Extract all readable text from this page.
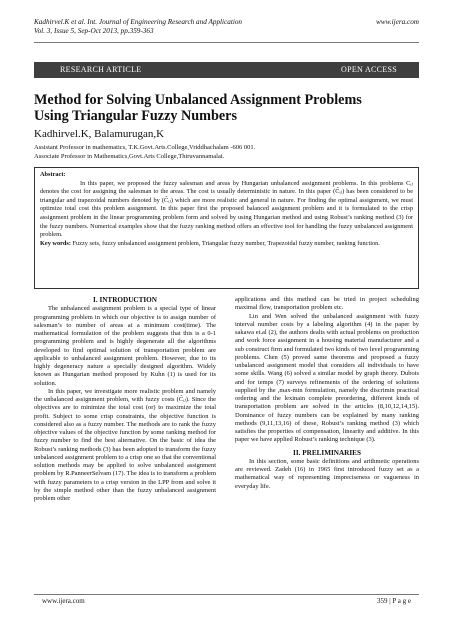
Kadhirvel.K et al. Int. Journal of Engineering Research and Application
Vol. 3, Issue 5, Sep-Oct 2013, pp.359-363
www.ijera.com
RESEARCH ARTICLE	OPEN ACCESS
Method for Solving Unbalanced Assignment Problems Using Triangular Fuzzy Numbers
Kadhirvel.K, Balamurugan,K
Assistant Professor in mathematics, T.K.Govt.Arts.College,Vriddhachalam -606 001.
Associate Professor in Mathematics,Govt.Arts College,Thiruvannamalai.

Abstract:

In this paper, we proposed the fuzzy salesman and areas by Hungarian unbalanced assignment problems. In this problems Cᵢⱼ denotes the cost for assigning the salesman to the areas. The cost is usually deterministic in nature. In this paper (C̃ᵢⱼ) has been considered to be triangular and trapezoidal numbers denoted by (C̃ᵢⱼ) which are more realistic and general in nature. For finding the optimal assignment, we must optimize total cost this problem assignment. In this paper first the proposed balanced assignment problem and it is formulated to the crisp assignment problem in the linear programming problem form and solved by using Hungarian method and using Robust’s ranking method (3) for the fuzzy numbers. Numerical examples show that the fuzzy ranking method offers an effective tool for handling the fuzzy unbalanced assignment problem.

Key words: Fuzzy sets, fuzzy unbalanced assignment problem, Triangular fuzzy number, Trapezoidal fuzzy number, ranking function.

I. INTRODUCTION

The unbalanced assignment problem is a special type of linear programming problem in which our objective is to assign number of salesman’s to number of areas at a minimum cost(time). The mathematical formulation of the problem suggests that this is a 0-1 programming problem and is highly degenerate all the algorithms developed to find optimal solution of transportation problem are applicable to unbalanced assignment problem. However, due to its highly degeneracy nature a specially designed algorithm. Widely known as Hungarian method proposed by Kuhn (1) is used for its solution.

In this paper, we investigate more realistic problem and namely the unbalanced assignment problem, with fuzzy costs (C̃ᵢⱼ). Since the objectives are to minimize the total cost (or) to maximize the total profit. Subject to some crisp constraints, the objective function is considered also as a fuzzy number. The methods are to rank the fuzzy objective values of the objective function by some ranking method for fuzzy number to find the best alternative. On the basic of idea the Robust’s ranking methods (3) has been adopted to transform the fuzzy unbalanced assignment problem to a crisp one so that the conventional solution methods may be applied to solve unbalanced assignment problem by R.PanneerSelvam (17). The idea is to transform a problem with fuzzy parameters to a crisp version in the LPP from and solve it by the simple method other than the fuzzy unbalanced assignment problem other

applications and this method can be tried in project scheduling maximal flow, transportation problem etc.

Lin and Wen solved the unbalanced assignment with fuzzy interval number costs by a labeling algorithm (4) in the paper by sakawa et.al (2), the authors dealts with actual problems on production and work force assignment in a housing material manufacturer and a sub construct firm and formulated two kinds of two level programming problems. Chen (5) proved same theorems and proposed a fuzzy unbalanced assignment model that considers all individuals to have some skills. Wang (6) solved a similar model by graph theory. Dubois and for temps (7) surveys refinements of the ordering of solutions supplied by the ,max-min formulation, namely the discrimin practical ordering and the lexinain complete preordering, different kinds of transportation problem are solved in the articles (8,10,12,14,15). Dominance of fuzzy numbers can be explained by many ranking methods (9,11,13,16) of these, Robust’s ranking method (3) which satisfies the properties of compensation, linearity and additive. In this paper we have applied Robust’s ranking technique (3).

II. PRELIMINARIES

In this section, some basic definitions and arithmetic operations are reviewed. Zadeh (16) in 1965 first introduced fuzzy set as a mathematical way of representing impreciseness or vagueness in everyday life.

www.ijera.com	359 | P a g e
